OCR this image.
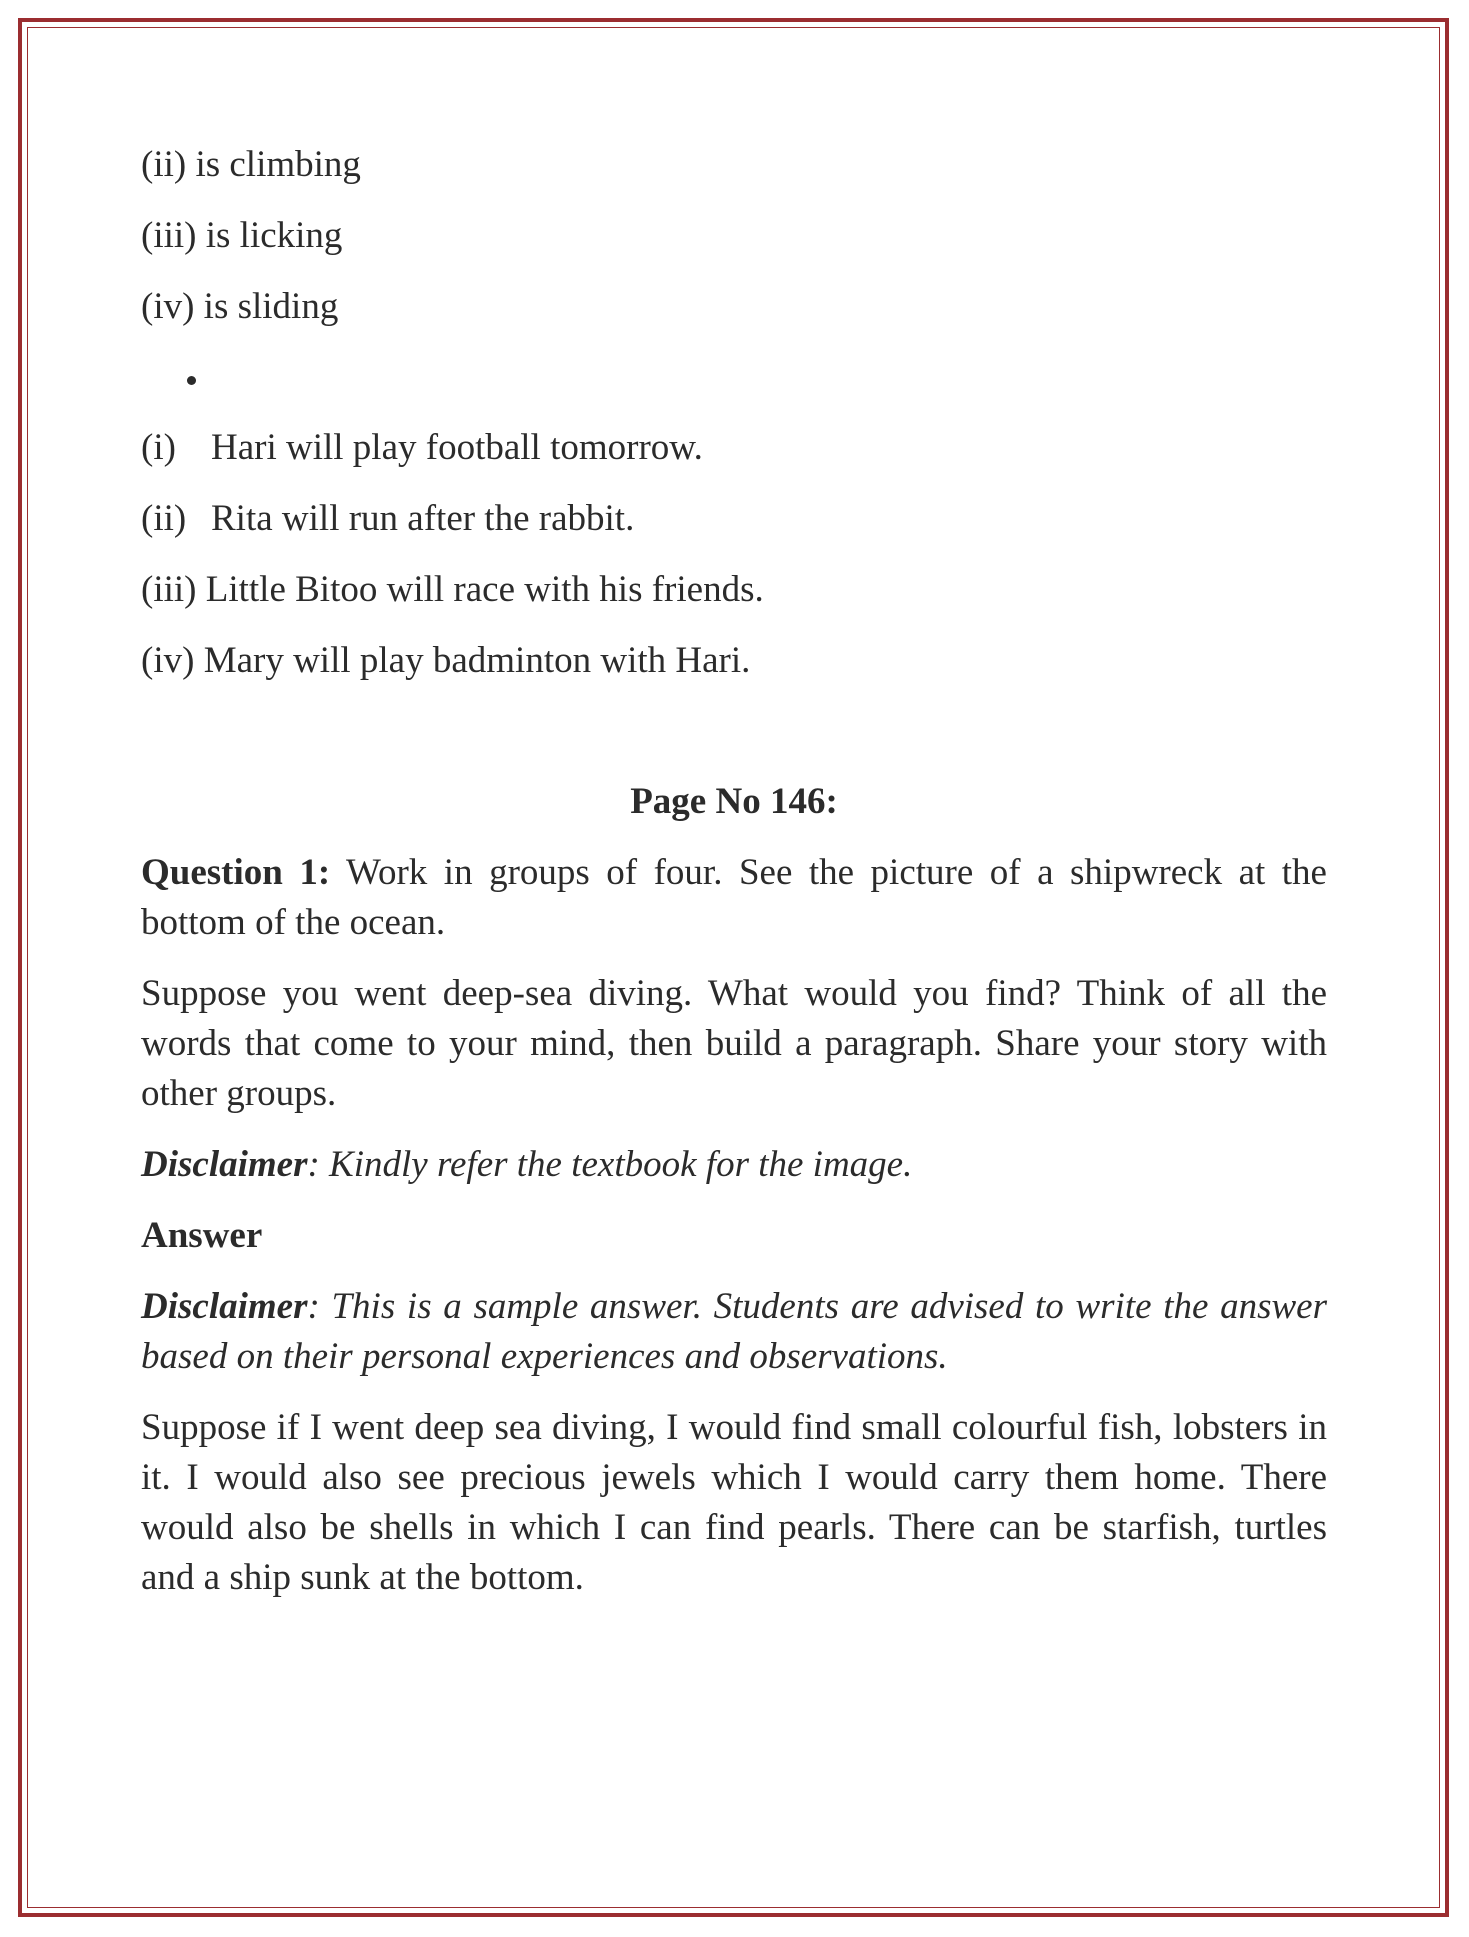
(ii) is climbing
(iii) is licking
(iv) is sliding
(i) Hari will play football tomorrow.
(ii) Rita will run after the rabbit.
(iii) Little Bitoo will race with his friends.
(iv) Mary will play badminton with Hari.
Page No 146:
Question 1: Work in groups of four. See the picture of a shipwreck at the bottom of the ocean.
Suppose you went deep-sea diving. What would you find? Think of all the words that come to your mind, then build a paragraph. Share your story with other groups.
Disclaimer: Kindly refer the textbook for the image.
Answer
Disclaimer: This is a sample answer. Students are advised to write the answer based on their personal experiences and observations.
Suppose if I went deep sea diving, I would find small colourful fish, lobsters in it. I would also see precious jewels which I would carry them home. There would also be shells in which I can find pearls. There can be starfish, turtles and a ship sunk at the bottom.
